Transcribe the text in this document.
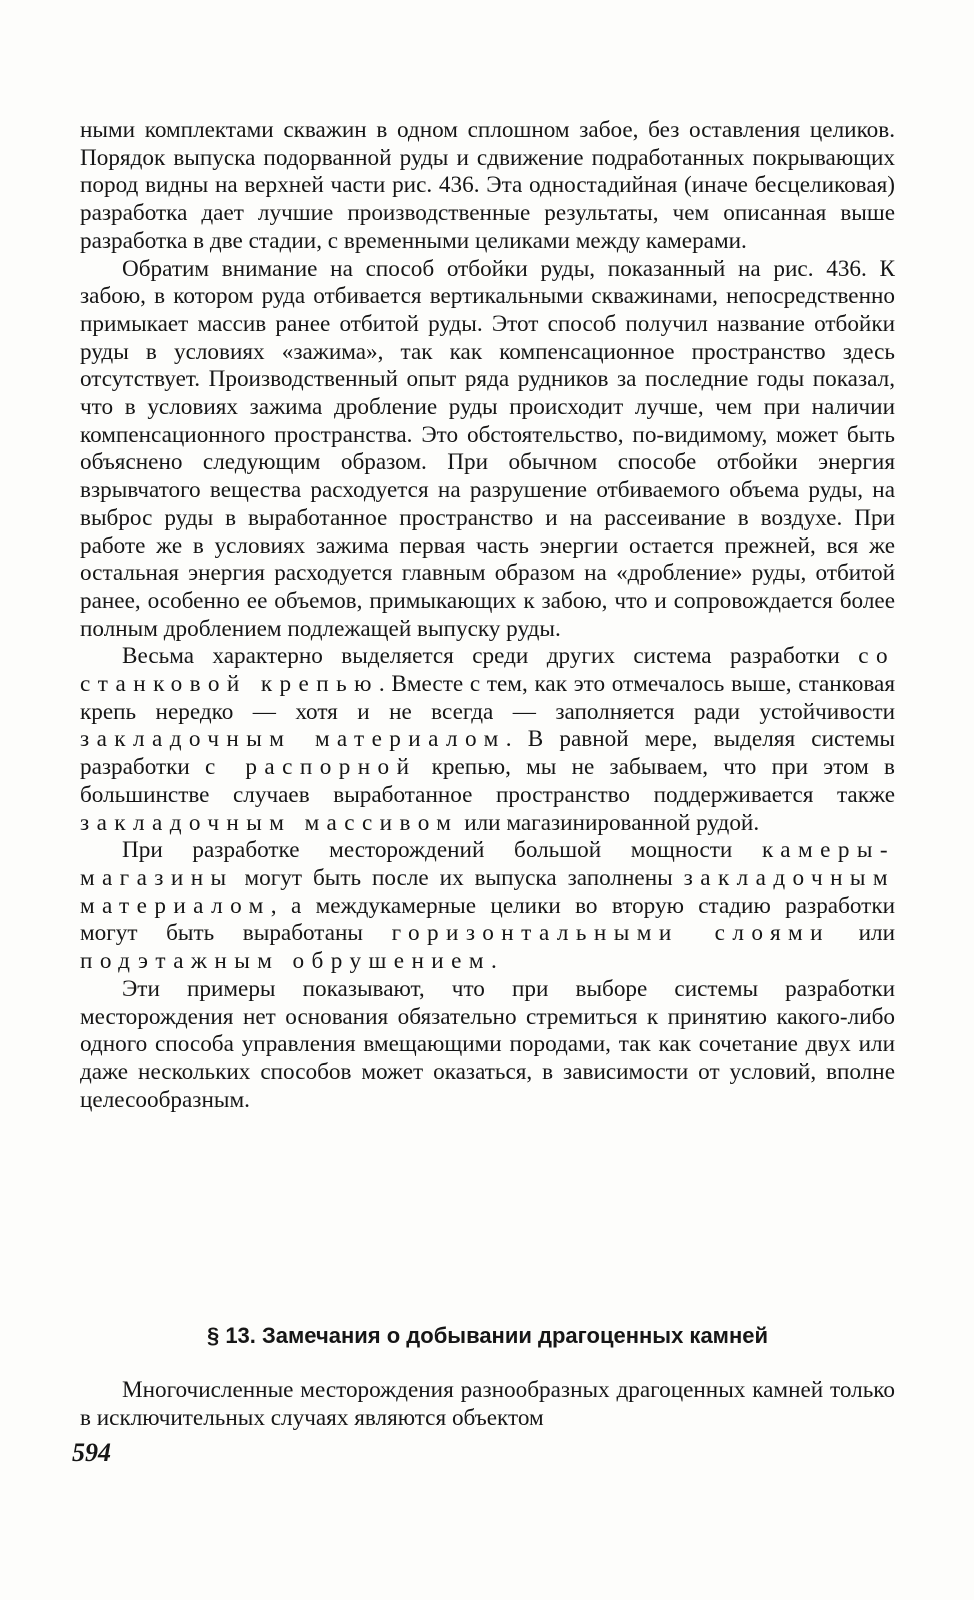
ными комплектами скважин в одном сплошном забое, без оставления целиков. Порядок выпуска подорванной руды и сдвижение подработанных покрывающих пород видны на верхней части рис. 436. Эта одностадийная (иначе бесцеликовая) разработка дает лучшие производственные результаты, чем описанная выше разработка в две стадии, с временными целиками между камерами.

Обратим внимание на способ отбойки руды, показанный на рис. 436. К забою, в котором руда отбивается вертикальными скважинами, непосредственно примыкает массив ранее отбитой руды. Этот способ получил название отбойки руды в условиях «зажима», так как компенсационное пространство здесь отсутствует. Производственный опыт ряда рудников за последние годы показал, что в условиях зажима дробление руды происходит лучше, чем при наличии компенсационного пространства. Это обстоятельство, по-видимому, может быть объяснено следующим образом. При обычном способе отбойки энергия взрывчатого вещества расходуется на разрушение отбиваемого объема руды, на выброс руды в выработанное пространство и на рассеивание в воздухе. При работе же в условиях зажима первая часть энергии остается прежней, вся же остальная энергия расходуется главным образом на «дробление» руды, отбитой ранее, особенно ее объемов, примыкающих к забою, что и сопровождается более полным дроблением подлежащей выпуску руды.

Весьма характерно выделяется среди других система разработки со станковой крепью. Вместе с тем, как это отмечалось выше, станковая крепь нередко — хотя и не всегда — заполняется ради устойчивости закладочным материалом. В равной мере, выделяя системы разработки с распорной крепью, мы не забываем, что при этом в большинстве случаев выработанное пространство поддерживается также закладочным массивом или магазинированной рудой.

При разработке месторождений большой мощности камеры-магазины могут быть после их выпуска заполнены закладочным материалом, а междукамерные целики во вторую стадию разработки могут быть выработаны горизонтальными слоями или подэтажным обрушением.

Эти примеры показывают, что при выборе системы разработки месторождения нет основания обязательно стремиться к принятию какого-либо одного способа управления вмещающими породами, так как сочетание двух или даже нескольких способов может оказаться, в зависимости от условий, вполне целесообразным.

§ 13. Замечания о добывании драгоценных камней

Многочисленные месторождения разнообразных драгоценных камней только в исключительных случаях являются объектом

594
